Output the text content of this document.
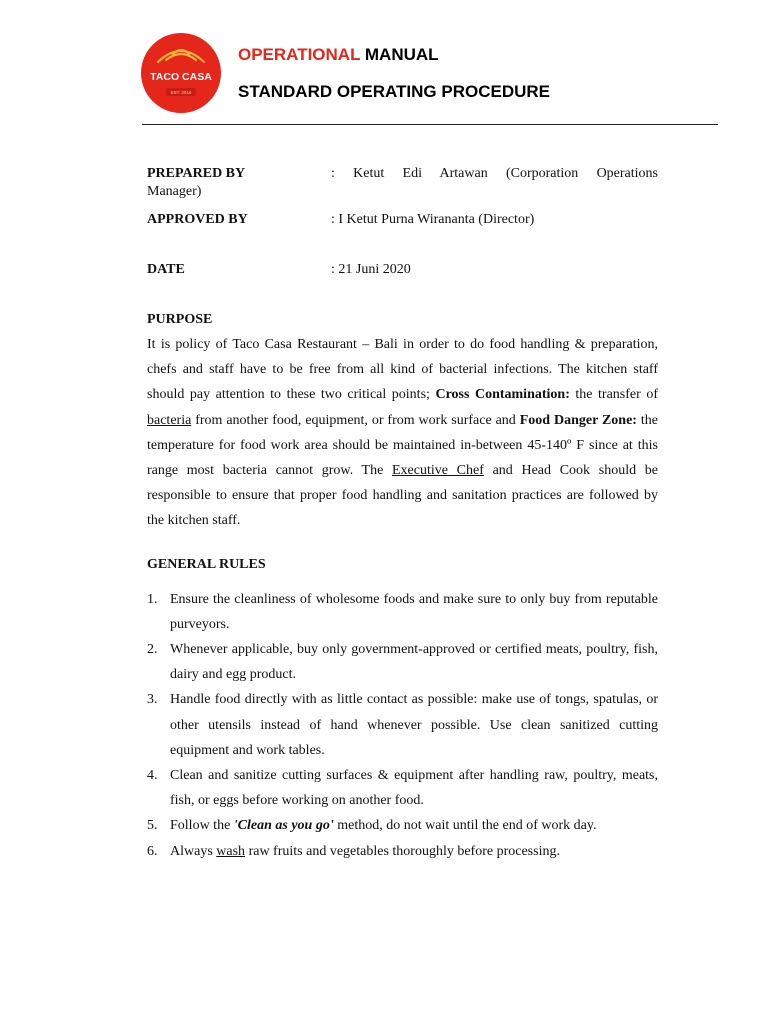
TACO CASA
EST. 2016
OPERATIONAL MANUAL
STANDARD OPERATING PROCEDURE
PREPARED BY	: Ketut Edi Artawan (Corporation Operations
Manager)
APPROVED BY	: I Ketut Purna Wirananta (Director)
DATE	: 21 Juni 2020
PURPOSE

It is policy of Taco Casa Restaurant – Bali in order to do food handling & preparation, chefs and staff have to be free from all kind of bacterial infections. The kitchen staff should pay attention to these two critical points; Cross Contamination: the transfer of bacteria from another food, equipment, or from work surface and Food Danger Zone: the temperature for food work area should be maintained in-between 45-140º F since at this range most bacteria cannot grow. The Executive Chef and Head Cook should be responsible to ensure that proper food handling and sanitation practices are followed by the kitchen staff.

GENERAL RULES
1. Ensure the cleanliness of wholesome foods and make sure to only buy from reputable purveyors.
2. Whenever applicable, buy only government-approved or certified meats, poultry, fish, dairy and egg product.
3. Handle food directly with as little contact as possible: make use of tongs, spatulas, or other utensils instead of hand whenever possible. Use clean sanitized cutting equipment and work tables.
4. Clean and sanitize cutting surfaces & equipment after handling raw, poultry, meats, fish, or eggs before working on another food.
5. Follow the 'Clean as you go' method, do not wait until the end of work day.
6. Always wash raw fruits and vegetables thoroughly before processing.
